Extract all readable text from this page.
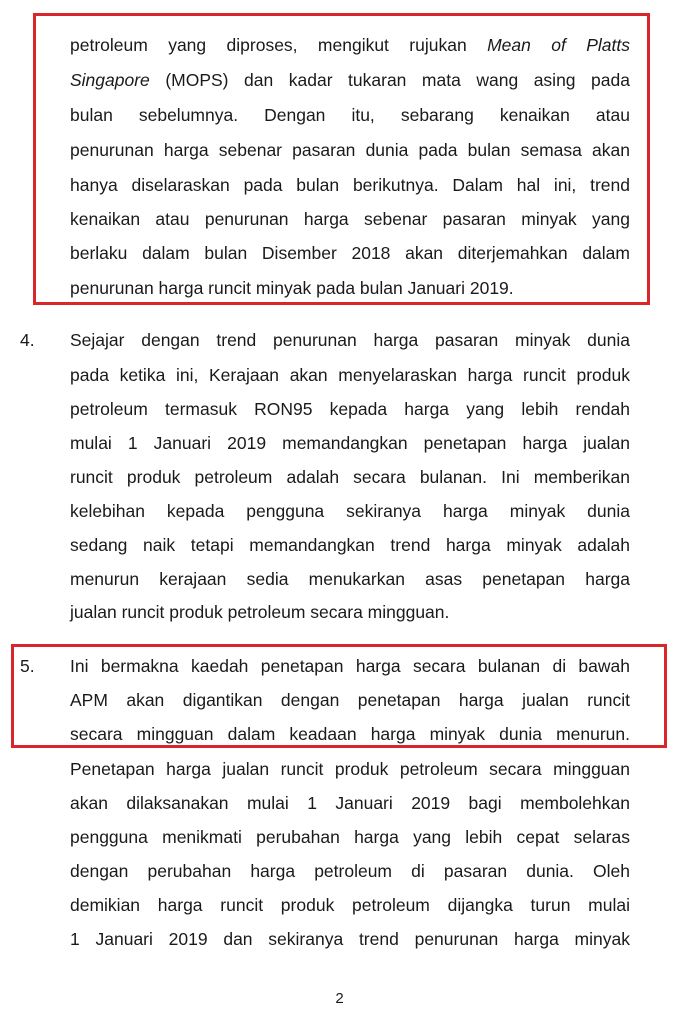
petroleum yang diproses, mengikut rujukan Mean of Platts
Singapore (MOPS) dan kadar tukaran mata wang asing pada
bulan sebelumnya. Dengan itu, sebarang kenaikan atau
penurunan harga sebenar pasaran dunia pada bulan semasa akan
hanya diselaraskan pada bulan berikutnya. Dalam hal ini, trend
kenaikan atau penurunan harga sebenar pasaran minyak yang
berlaku dalam bulan Disember 2018 akan diterjemahkan dalam
penurunan harga runcit minyak pada bulan Januari 2019.
4. Sejajar dengan trend penurunan harga pasaran minyak dunia
pada ketika ini, Kerajaan akan menyelaraskan harga runcit produk
petroleum termasuk RON95 kepada harga yang lebih rendah
mulai 1 Januari 2019 memandangkan penetapan harga jualan
runcit produk petroleum adalah secara bulanan. Ini memberikan
kelebihan kepada pengguna sekiranya harga minyak dunia
sedang naik tetapi memandangkan trend harga minyak adalah
menurun kerajaan sedia menukarkan asas penetapan harga
jualan runcit produk petroleum secara mingguan.
5. Ini bermakna kaedah penetapan harga secara bulanan di bawah
APM akan digantikan dengan penetapan harga jualan runcit
secara mingguan dalam keadaan harga minyak dunia menurun.
Penetapan harga jualan runcit produk petroleum secara mingguan
akan dilaksanakan mulai 1 Januari 2019 bagi membolehkan
pengguna menikmati perubahan harga yang lebih cepat selaras
dengan perubahan harga petroleum di pasaran dunia. Oleh
demikian harga runcit produk petroleum dijangka turun mulai
1 Januari 2019 dan sekiranya trend penurunan harga minyak
2
